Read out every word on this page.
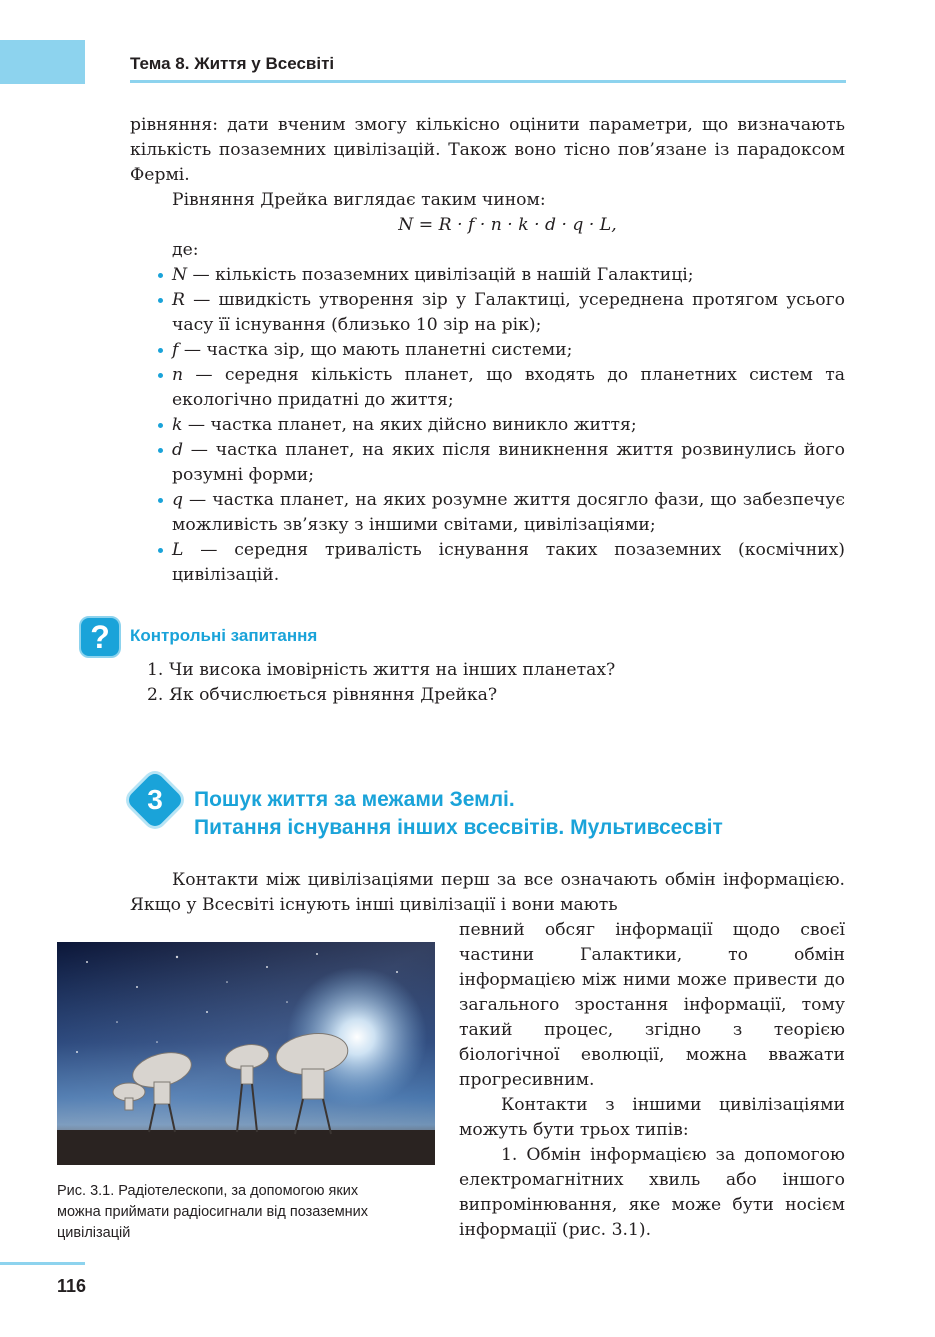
Тема 8. Життя у Всесвіті

рівняння: дати вченим змогу кількісно оцінити параметри, що визначають кількість позаземних цивілізацій. Також воно тісно пов’язане із парадоксом Фермі.

Рівняння Дрейка виглядає таким чином:

N = R · f · n · k · d · q · L,

де:

N — кількість позаземних цивілізацій в нашій Галактиці;
R — швидкість утворення зір у Галактиці, усереднена протягом усього часу її існування (близько 10 зір на рік);
f — частка зір, що мають планетні системи;
n — середня кількість планет, що входять до планетних систем та екологічно придатні до життя;
k — частка планет, на яких дійсно виникло життя;
d — частка планет, на яких після виникнення життя розвинулись його розумні форми;
q — частка планет, на яких розумне життя досягло фази, що забезпечує можливість зв’язку з іншими світами, цивілізаціями;
L — середня тривалість існування таких позаземних (космічних) цивілізацій.
?	Контрольні запитання
1. Чи висока імовірність життя на інших планетах?
2. Як обчислюється рівняння Дрейка?
3	Пошук життя за межами Землі.
Питання існування інших всесвітів. Мультивсесвіт

Контакти між цивілізаціями перш за все означають обмін інформацією. Якщо у Всесвіті існують інші цивілізації і вони мають

Рис. 3.1. Радіотелескопи, за допомогою яких можна приймати радіосигнали від позаземних цивілізацій

певний обсяг інформації щодо своєї частини Галактики, то обмін інформацією між ними може привести до загального зростання інформації, тому такий процес, згідно з теорією біологічної еволюції, можна вважати прогресивним.

Контакти з іншими цивілізаціями можуть бути трьох типів:

1. Обмін інформацією за допомогою електромагнітних хвиль або іншого випромінювання, яке може бути носієм інформації (рис. 3.1).

116
